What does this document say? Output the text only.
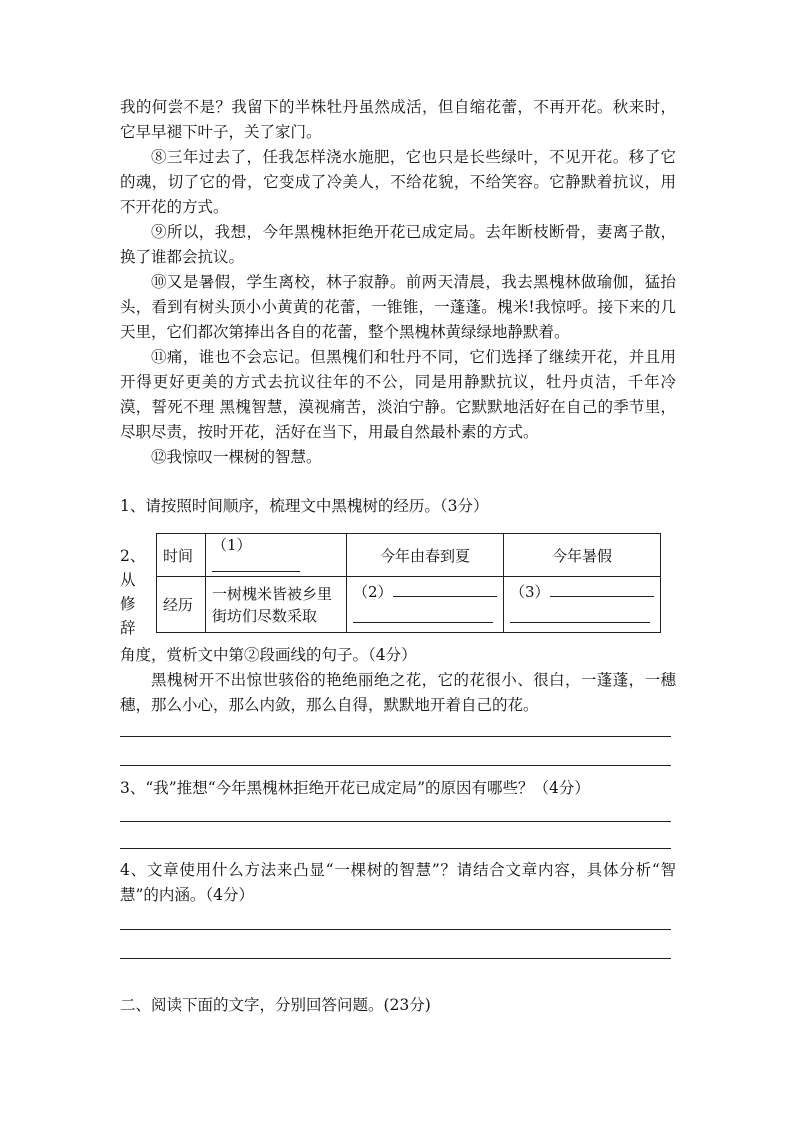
我的何尝不是？我留下的半株牡丹虽然成活，但自缩花蕾，不再开花。秋来时，它早早褪下叶子，关了家门。

⑧三年过去了，任我怎样浇水施肥，它也只是长些绿叶，不见开花。移了它的魂，切了它的骨，它变成了冷美人，不给花貌，不给笑容。它静默着抗议，用不开花的方式。

⑨所以，我想，今年黑槐林拒绝开花已成定局。去年断枝断骨，妻离子散，换了谁都会抗议。

⑩又是暑假，学生离校，林子寂静。前两天清晨，我去黑槐林做瑜伽，猛抬头，看到有树头顶小小黄黄的花蕾，一锥锥，一蓬蓬。槐米!我惊呼。接下来的几天里，它们都次第捧出各自的花蕾，整个黑槐林黄绿绿地静默着。

⑪痛，谁也不会忘记。但黑槐们和牡丹不同，它们选择了继续开花，并且用开得更好更美的方式去抗议往年的不公，同是用静默抗议，牡丹贞洁，千年冷漠，誓死不理 黑槐智慧，漠视痛苦，淡泊宁静。它默默地活好在自己的季节里，尽职尽责，按时开花，活好在当下，用最自然最朴素的方式。

⑫我惊叹一棵树的智慧。

1、请按照时间顺序，梳理文中黑槐树的经历。（3分）

2、
从
修
辞
时间	（1）	今年由春到夏	今年暑假
经历	一树槐米皆被乡里街坊们尽数采取	（2）	（3）

角度，赏析文中第②段画线的句子。（4分）

黑槐树开不出惊世骇俗的艳绝丽绝之花，它的花很小、很白，一蓬蓬，一穗穗，那么小心，那么内敛，那么自得，默默地开着自己的花。

3、“我”推想“今年黑槐林拒绝开花已成定局”的原因有哪些？（4分）

4、文章使用什么方法来凸显“一棵树的智慧”？请结合文章内容，具体分析“智慧”的内涵。（4分）

二、阅读下面的文字，分别回答问题。(23分)
